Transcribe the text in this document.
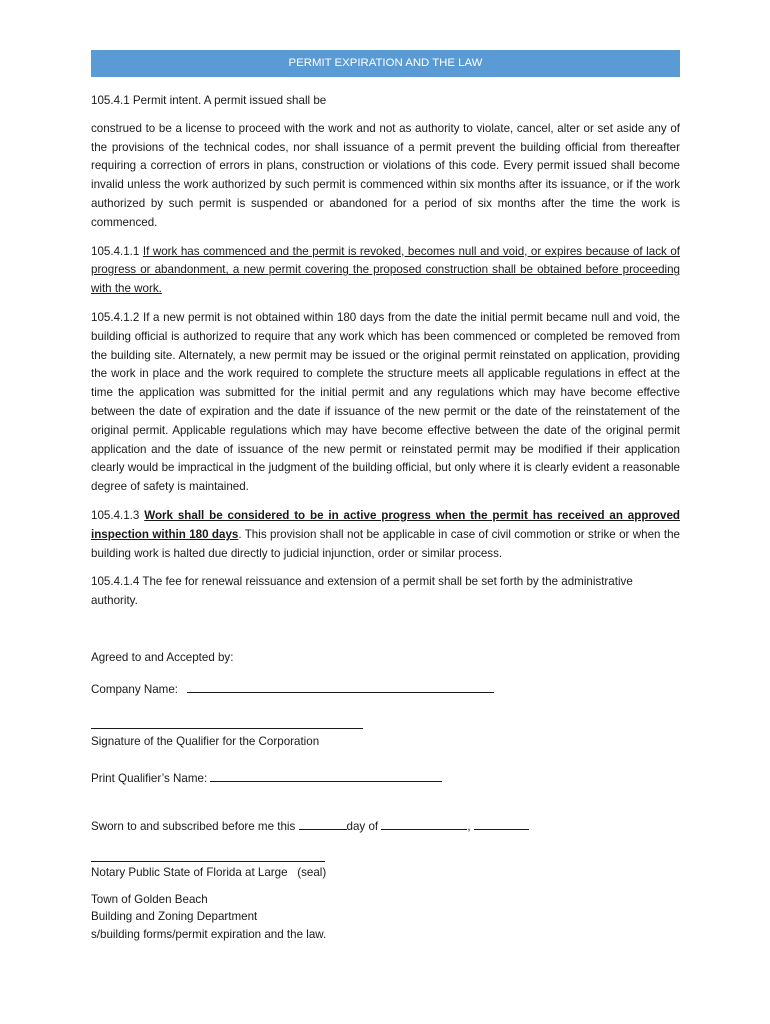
PERMIT EXPIRATION AND THE LAW

105.4.1 Permit intent. A permit issued shall be

construed to be a license to proceed with the work and not as authority to violate, cancel, alter or set aside any of the provisions of the technical codes, nor shall issuance of a permit prevent the building official from thereafter requiring a correction of errors in plans, construction or violations of this code. Every permit issued shall become invalid unless the work authorized by such permit is commenced within six months after its issuance, or if the work authorized by such permit is suspended or abandoned for a period of six months after the time the work is commenced.

105.4.1.1 If work has commenced and the permit is revoked, becomes null and void, or expires because of lack of progress or abandonment, a new permit covering the proposed construction shall be obtained before proceeding with the work.

105.4.1.2 If a new permit is not obtained within 180 days from the date the initial permit became null and void, the building official is authorized to require that any work which has been commenced or completed be removed from the building site. Alternately, a new permit may be issued or the original permit reinstated on application, providing the work in place and the work required to complete the structure meets all applicable regulations in effect at the time the application was submitted for the initial permit and any regulations which may have become effective between the date of expiration and the date if issuance of the new permit or the date of the reinstatement of the original permit. Applicable regulations which may have become effective between the date of the original permit application and the date of issuance of the new permit or reinstated permit may be modified if their application clearly would be impractical in the judgment of the building official, but only where it is clearly evident a reasonable degree of safety is maintained.

105.4.1.3 Work shall be considered to be in active progress when the permit has received an approved inspection within 180 days. This provision shall not be applicable in case of civil commotion or strike or when the building work is halted due directly to judicial injunction, order or similar process.

105.4.1.4 The fee for renewal reissuance and extension of a permit shall be set forth by the administrative authority.

Agreed to and Accepted by:

Company Name:

Signature of the Qualifier for the Corporation

Print Qualifier’s Name:

Sworn to and subscribed before me this	day of	,

Notary Public State of Florida at Large   (seal)

Town of Golden Beach
Building and Zoning Department
s/building forms/permit expiration and the law.
